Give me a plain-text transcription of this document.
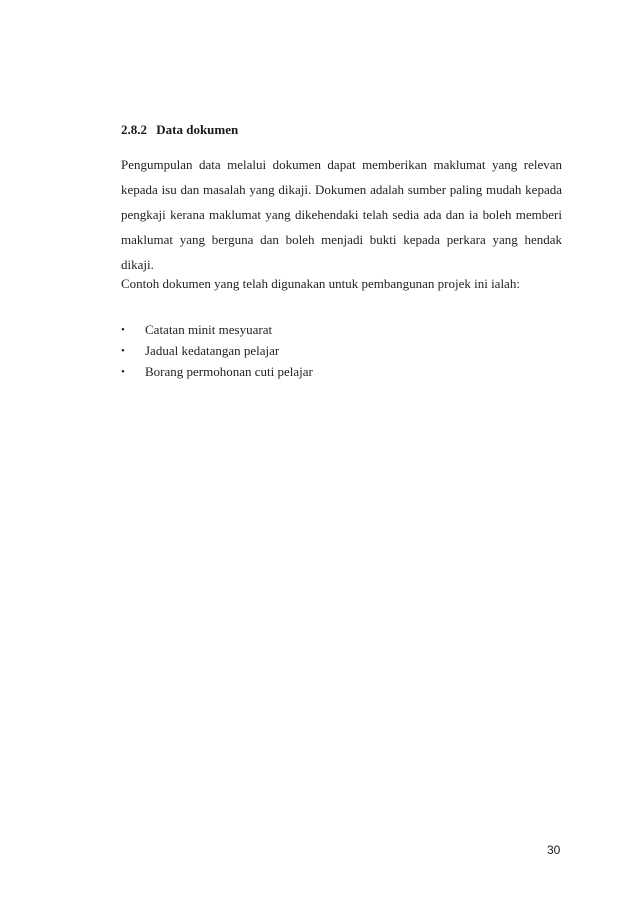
2.8.2 Data dokumen

Pengumpulan data melalui dokumen dapat memberikan maklumat yang relevan kepada isu dan masalah yang dikaji. Dokumen adalah sumber paling mudah kepada pengkaji kerana maklumat yang dikehendaki telah sedia ada dan ia boleh memberi maklumat yang berguna dan boleh menjadi bukti kepada perkara yang hendak dikaji.

Contoh dokumen yang telah digunakan untuk pembangunan projek ini ialah:

• Catatan minit mesyuarat
• Jadual kedatangan pelajar
• Borang permohonan cuti pelajar
30
